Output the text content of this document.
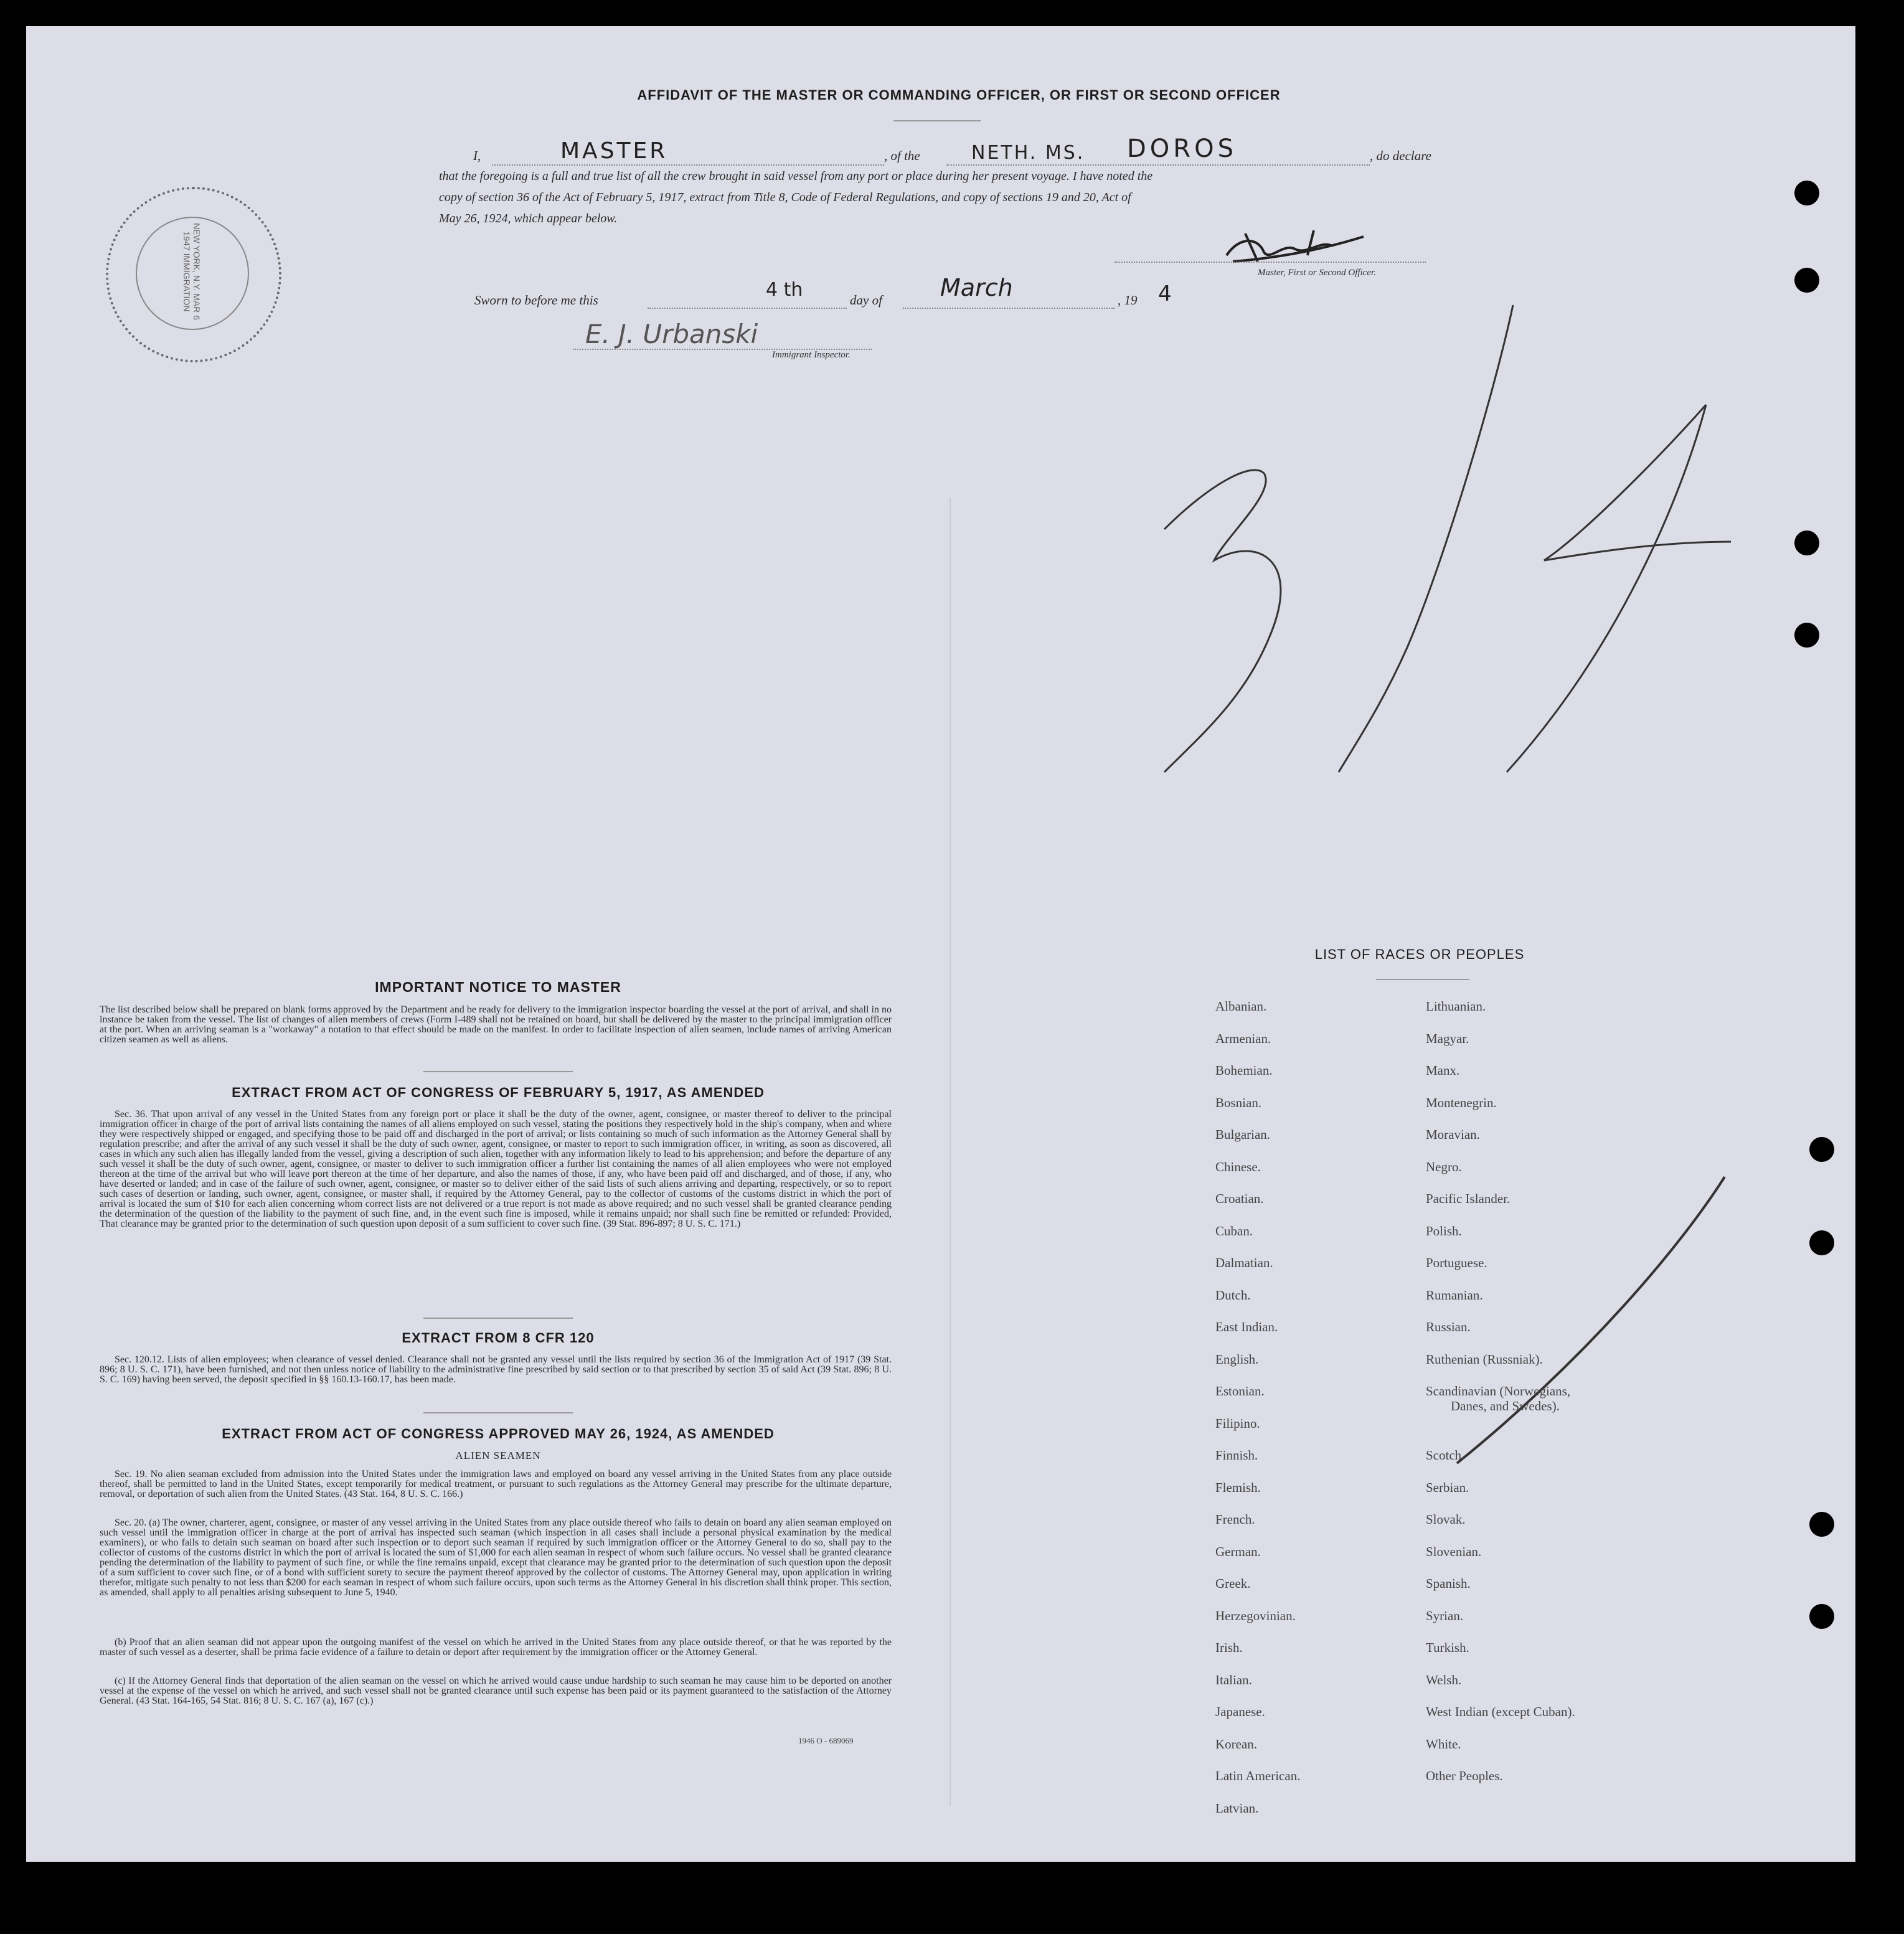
NEW YORK, N.Y. MAR 6 1947 IMMIGRATION
AFFIDAVIT OF THE MASTER OR COMMANDING OFFICER, OR FIRST OR SECOND OFFICER
I,	MASTER	, of the	NETH. MS. DOROS	, do declare
that the foregoing is a full and true list of all the crew brought in said vessel from any port or place during her present voyage. I have noted the
copy of section 36 of the Act of February 5, 1917, extract from Title 8, Code of Federal Regulations, and copy of sections 19 and 20, Act of
May 26, 1924, which appear below.
Master, First or Second Officer.
Sworn to before me this	4 th	day of March	, 19 4
E. J. Urbanski
Immigrant Inspector.
IMPORTANT NOTICE TO MASTER
The list described below shall be prepared on blank forms approved by the Department and be ready for delivery to the immigration inspector boarding the vessel at the port of arrival, and shall in no instance be taken from the vessel. The list of changes of alien members of crews (Form I-489 shall not be retained on board, but shall be delivered by the master to the principal immigration officer at the port. When an arriving seaman is a "workaway" a notation to that effect should be made on the manifest. In order to facilitate inspection of alien seamen, include names of arriving American citizen seamen as well as aliens.
EXTRACT FROM ACT OF CONGRESS OF FEBRUARY 5, 1917, AS AMENDED
Sec. 36. That upon arrival of any vessel in the United States from any foreign port or place it shall be the duty of the owner, agent, consignee, or master thereof to deliver to the principal immigration officer in charge of the port of arrival lists containing the names of all aliens employed on such vessel, stating the positions they respectively hold in the ship's company, when and where they were respectively shipped or engaged, and specifying those to be paid off and discharged in the port of arrival; or lists containing so much of such information as the Attorney General shall by regulation prescribe; and after the arrival of any such vessel it shall be the duty of such owner, agent, consignee, or master to report to such immigration officer, in writing, as soon as discovered, all cases in which any such alien has illegally landed from the vessel, giving a description of such alien, together with any information likely to lead to his apprehension; and before the departure of any such vessel it shall be the duty of such owner, agent, consignee, or master to deliver to such immigration officer a further list containing the names of all alien employees who were not employed thereon at the time of the arrival but who will leave port thereon at the time of her departure, and also the names of those, if any, who have been paid off and discharged, and of those, if any, who have deserted or landed; and in case of the failure of such owner, agent, consignee, or master so to deliver either of the said lists of such aliens arriving and departing, respectively, or so to report such cases of desertion or landing, such owner, agent, consignee, or master shall, if required by the Attorney General, pay to the collector of customs of the customs district in which the port of arrival is located the sum of $10 for each alien concerning whom correct lists are not delivered or a true report is not made as above required; and no such vessel shall be granted clearance pending the determination of the question of the liability to the payment of such fine, and, in the event such fine is imposed, while it remains unpaid; nor shall such fine be remitted or refunded: Provided, That clearance may be granted prior to the determination of such question upon deposit of a sum sufficient to cover such fine. (39 Stat. 896-897; 8 U. S. C. 171.)
EXTRACT FROM 8 CFR 120
Sec. 120.12. Lists of alien employees; when clearance of vessel denied. Clearance shall not be granted any vessel until the lists required by section 36 of the Immigration Act of 1917 (39 Stat. 896; 8 U. S. C. 171), have been furnished, and not then unless notice of liability to the administrative fine prescribed by said section or to that prescribed by section 35 of said Act (39 Stat. 896; 8 U. S. C. 169) having been served, the deposit specified in §§ 160.13-160.17, has been made.
EXTRACT FROM ACT OF CONGRESS APPROVED MAY 26, 1924, AS AMENDED
ALIEN SEAMEN
Sec. 19. No alien seaman excluded from admission into the United States under the immigration laws and employed on board any vessel arriving in the United States from any place outside thereof, shall be permitted to land in the United States, except temporarily for medical treatment, or pursuant to such regulations as the Attorney General may prescribe for the ultimate departure, removal, or deportation of such alien from the United States. (43 Stat. 164, 8 U. S. C. 166.)
Sec. 20. (a) The owner, charterer, agent, consignee, or master of any vessel arriving in the United States from any place outside thereof who fails to detain on board any alien seaman employed on such vessel until the immigration officer in charge at the port of arrival has inspected such seaman (which inspection in all cases shall include a personal physical examination by the medical examiners), or who fails to detain such seaman on board after such inspection or to deport such seaman if required by such immigration officer or the Attorney General to do so, shall pay to the collector of customs of the customs district in which the port of arrival is located the sum of $1,000 for each alien seaman in respect of whom such failure occurs. No vessel shall be granted clearance pending the determination of the liability to payment of such fine, or while the fine remains unpaid, except that clearance may be granted prior to the determination of such question upon the deposit of a sum sufficient to cover such fine, or of a bond with sufficient surety to secure the payment thereof approved by the collector of customs. The Attorney General may, upon application in writing therefor, mitigate such penalty to not less than $200 for each seaman in respect of whom such failure occurs, upon such terms as the Attorney General in his discretion shall think proper. This section, as amended, shall apply to all penalties arising subsequent to June 5, 1940.
(b) Proof that an alien seaman did not appear upon the outgoing manifest of the vessel on which he arrived in the United States from any place outside thereof, or that he was reported by the master of such vessel as a deserter, shall be prima facie evidence of a failure to detain or deport after requirement by the immigration officer or the Attorney General.
(c) If the Attorney General finds that deportation of the alien seaman on the vessel on which he arrived would cause undue hardship to such seaman he may cause him to be deported on another vessel at the expense of the vessel on which he arrived, and such vessel shall not be granted clearance until such expense has been paid or its payment guaranteed to the satisfaction of the Attorney General. (43 Stat. 164-165, 54 Stat. 816; 8 U. S. C. 167 (a), 167 (c).)
1946 O - 689069
LIST OF RACES OR PEOPLES
Albanian.
Armenian.
Bohemian.
Bosnian.
Bulgarian.
Chinese.
Croatian.
Cuban.
Dalmatian.
Dutch.
East Indian.
English.
Estonian.
Filipino.
Finnish.
Flemish.
French.
German.
Greek.
Herzegovinian.
Irish.
Italian.
Japanese.
Korean.
Latin American.
Latvian.
Lithuanian.
Magyar.
Manx.
Montenegrin.
Moravian.
Negro.
Pacific Islander.
Polish.
Portuguese.
Rumanian.
Russian.
Ruthenian (Russniak).
Scandinavian (Norwegians,
Danes, and Swedes).
Scotch.
Serbian.
Slovak.
Slovenian.
Spanish.
Syrian.
Turkish.
Welsh.
West Indian (except Cuban).
White.
Other Peoples.
